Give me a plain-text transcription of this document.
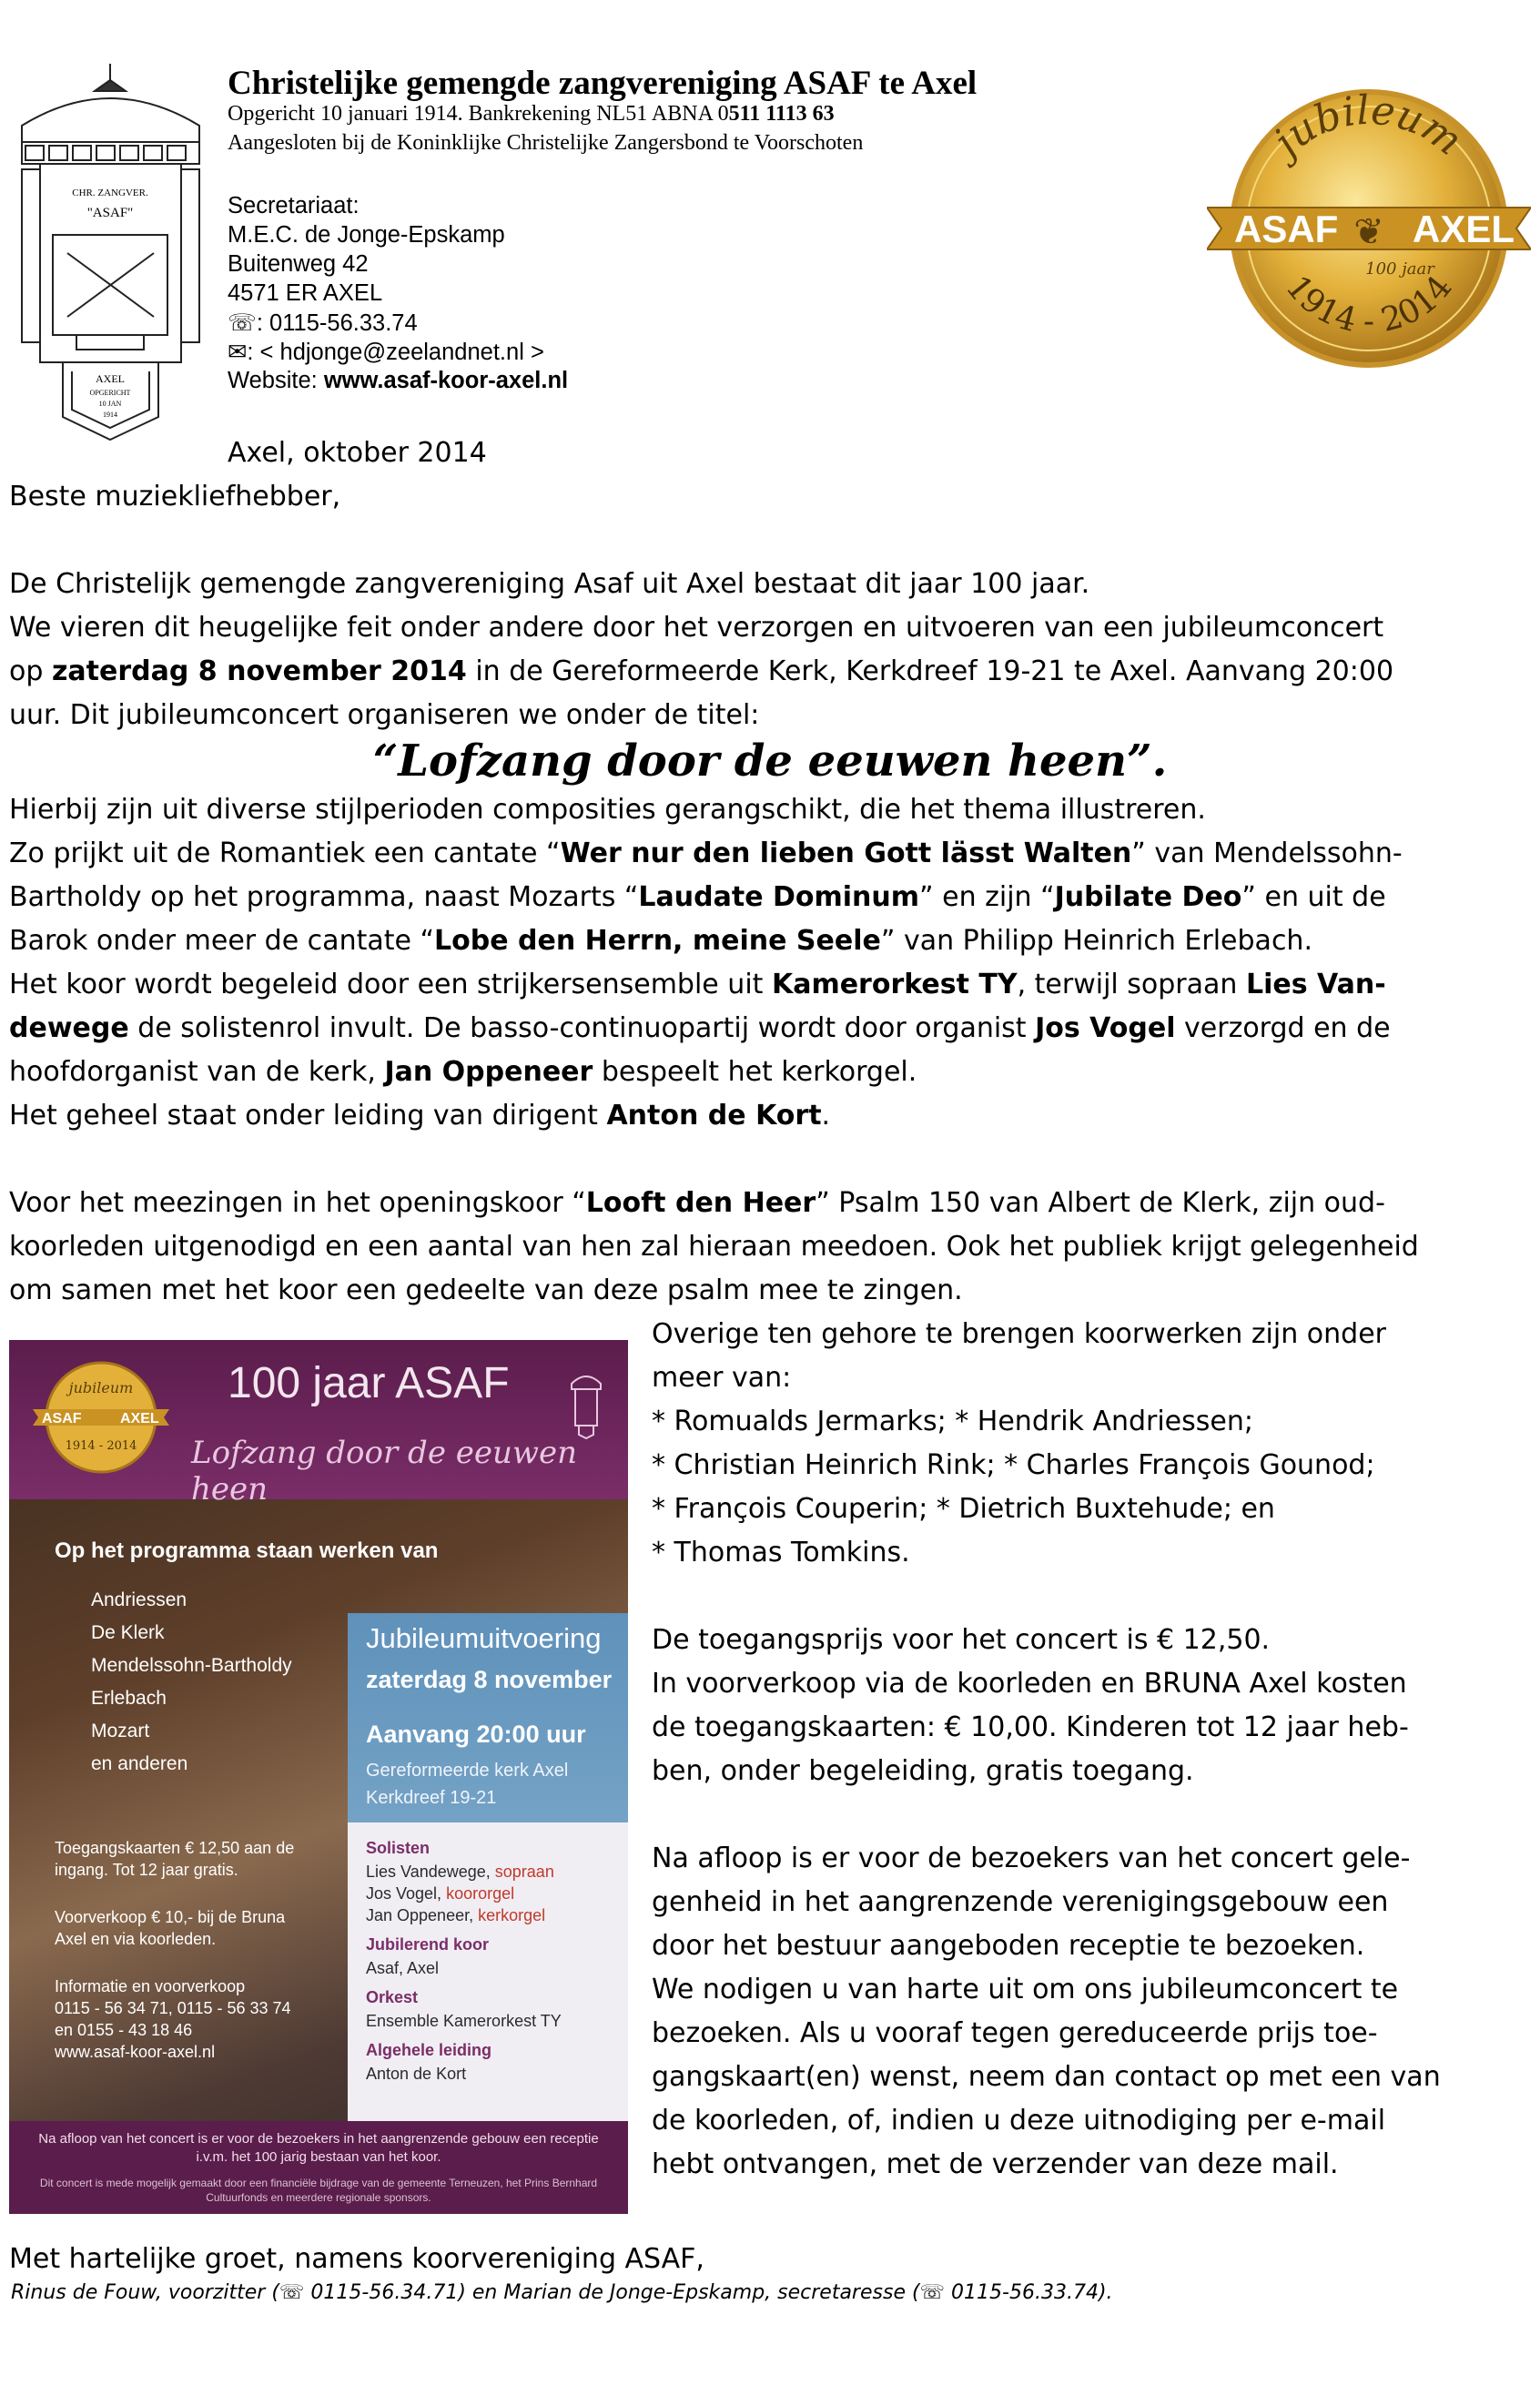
CHR. ZANGVER.
"ASAF"
AXEL
OPGERICHT
10 JAN
1914
Christelijke gemengde zangvereniging ASAF te Axel
Opgericht 10 januari 1914. Bankrekening NL51 ABNA 0511 1113 63
Aangesloten bij de Koninklijke Christelijke Zangersbond te Voorschoten
Secretariaat:
M.E.C. de Jonge-Epskamp
Buitenweg 42
4571 ER AXEL
☏: 0115-56.33.74
✉: < hdjonge@zeelandnet.nl >
Website: www.asaf-koor-axel.nl
jubileum
ASAF AXEL
❦
100 jaar
1914 - 2014
Axel, oktober 2014
Beste muziekliefhebber,
De Christelijk gemengde zangvereniging Asaf uit Axel bestaat dit jaar 100 jaar.
We vieren dit heugelijke feit onder andere door het verzorgen en uitvoeren van een jubileumconcert
op zaterdag 8 november 2014 in de Gereformeerde Kerk, Kerkdreef 19-21 te Axel. Aanvang 20:00
uur. Dit jubileumconcert organiseren we onder de titel:
“Lofzang door de eeuwen heen”.
Hierbij zijn uit diverse stijlperioden composities gerangschikt, die het thema illustreren.
Zo prijkt uit de Romantiek een cantate “Wer nur den lieben Gott lässt Walten” van Mendelssohn-
Bartholdy op het programma, naast Mozarts “Laudate Dominum” en zijn “Jubilate Deo” en uit de
Barok onder meer de cantate “Lobe den Herrn, meine Seele” van Philipp Heinrich Erlebach.
Het koor wordt begeleid door een strijkersensemble uit Kamerorkest TY, terwijl sopraan Lies Van-
dewege de solistenrol invult. De basso-continuopartij wordt door organist Jos Vogel verzorgd en de
hoofdorganist van de kerk, Jan Oppeneer bespeelt het kerkorgel.
Het geheel staat onder leiding van dirigent Anton de Kort.
Voor het meezingen in het openingskoor “Looft den Heer” Psalm 150 van Albert de Klerk, zijn oud-
koorleden uitgenodigd en een aantal van hen zal hieraan meedoen. Ook het publiek krijgt gelegenheid
om samen met het koor een gedeelte van deze psalm mee te zingen.
Overige ten gehore te brengen koorwerken zijn onder
meer van:
* Romualds Jermarks; * Hendrik Andriessen;
* Christian Heinrich Rink; * Charles François Gounod;
* François Couperin; * Dietrich Buxtehude; en
* Thomas Tomkins.
De toegangsprijs voor het concert is € 12,50.
In voorverkoop via de koorleden en BRUNA Axel kosten
de toegangskaarten: € 10,00. Kinderen tot 12 jaar heb-
ben, onder begeleiding, gratis toegang.
Na afloop is er voor de bezoekers van het concert gele-
genheid in het aangrenzende verenigingsgebouw een
door het bestuur aangeboden receptie te bezoeken.
We nodigen u van harte uit om ons jubileumconcert te
bezoeken. Als u vooraf tegen gereduceerde prijs toe-
gangskaart(en) wenst, neem dan contact op met een van
de koorleden, of, indien u deze uitnodiging per e-mail
hebt ontvangen, met de verzender van deze mail.
Met hartelijke groet, namens koorvereniging ASAF,
Rinus de Fouw, voorzitter (☏ 0115-56.34.71) en Marian de Jonge-Epskamp, secretaresse (☏ 0115-56.33.74).
jubileum
ASAF	AXEL
1914 - 2014
100 jaar ASAF
Lofzang door de eeuwen heen
Op het programma staan werken van
Andriessen
De Klerk
Mendelssohn-Bartholdy
Erlebach
Mozart
en anderen
Jubileumuitvoering
zaterdag 8 november
Aanvang 20:00 uur
Gereformeerde kerk Axel
Kerkdreef 19-21
Solisten
Lies Vandewege, sopraan
Jos Vogel, koororgel
Jan Oppeneer, kerkorgel
Jubilerend koor
Asaf, Axel
Orkest
Ensemble Kamerorkest TY
Algehele leiding
Anton de Kort
Toegangskaarten € 12,50 aan de
ingang. Tot 12 jaar gratis.
Voorverkoop € 10,- bij de Bruna
Axel en via koorleden.
Informatie en voorverkoop
0115 - 56 34 71, 0115 - 56 33 74
en 0155 - 43 18 46
www.asaf-koor-axel.nl
Na afloop van het concert is er voor de bezoekers in het aangrenzende gebouw een receptie i.v.m. het 100 jarig bestaan van het koor.
Dit concert is mede mogelijk gemaakt door een financiële bijdrage van de gemeente Terneuzen, het Prins Bernhard Cultuurfonds en meerdere regionale sponsors.
